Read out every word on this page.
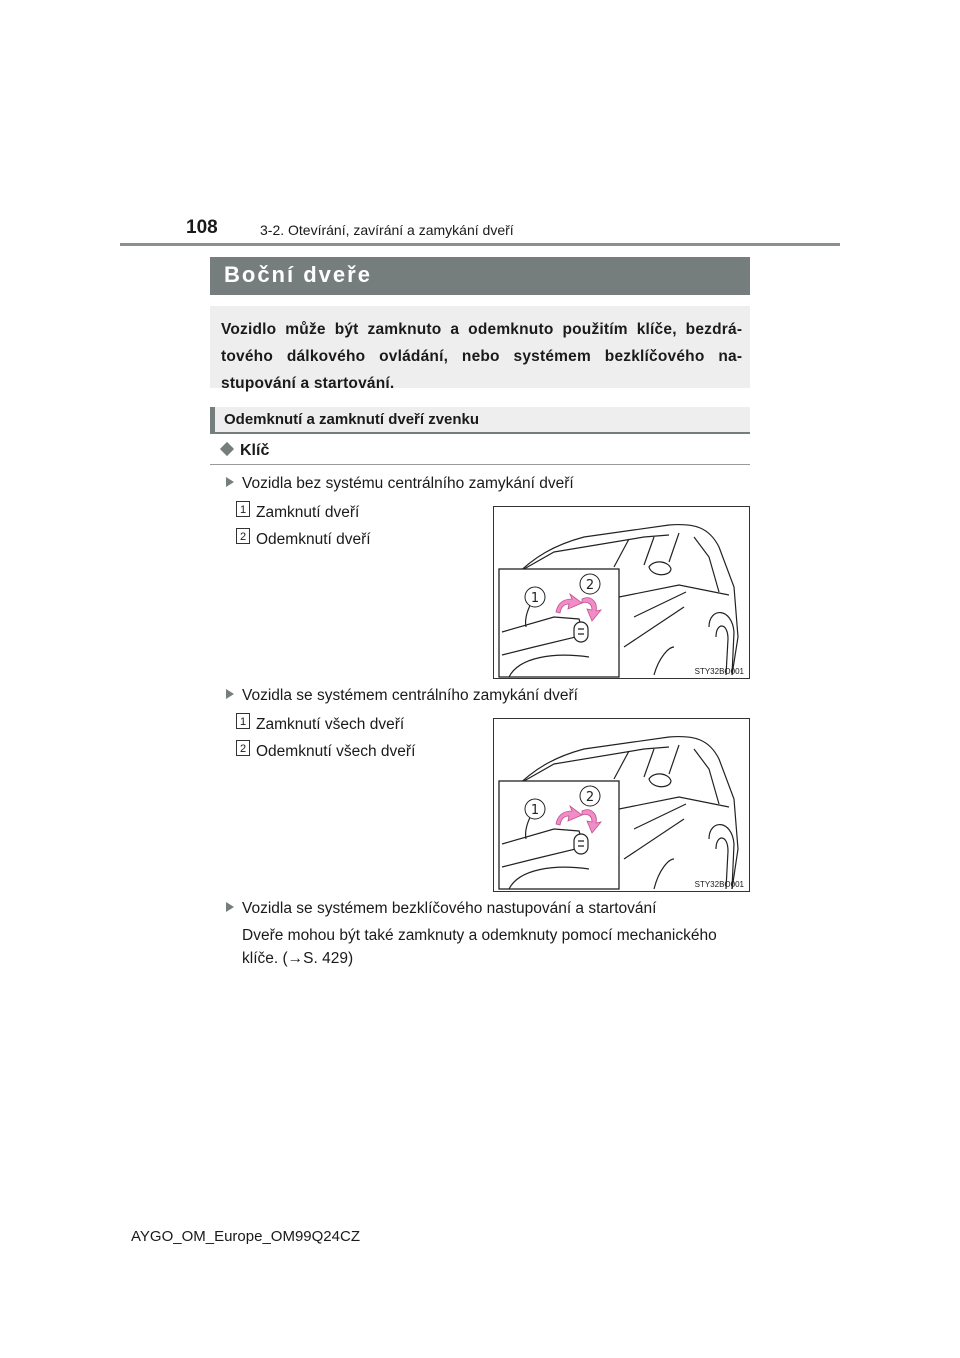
108	3-2. Otevírání, zavírání a zamykání dveří
Boční dveře
Vozidlo může být zamknuto a odemknuto použitím klíče, bezdrátového dálkového ovládání, nebo systémem bezklíčového nastupování a startování.
Odemknutí a zamknutí dveří zvenku
Klíč
Vozidla bez systému centrálního zamykání dveří
1 Zamknutí dveří
2 Odemknutí dveří
1
2
STY32BO001
Vozidla se systémem centrálního zamykání dveří
1 Zamknutí všech dveří
2 Odemknutí všech dveří
1
2
STY32BO001
Vozidla se systémem bezklíčového nastupování a startování
Dveře mohou být také zamknuty a odemknuty pomocí mechanického klíče. (→S. 429)
AYGO_OM_Europe_OM99Q24CZ
